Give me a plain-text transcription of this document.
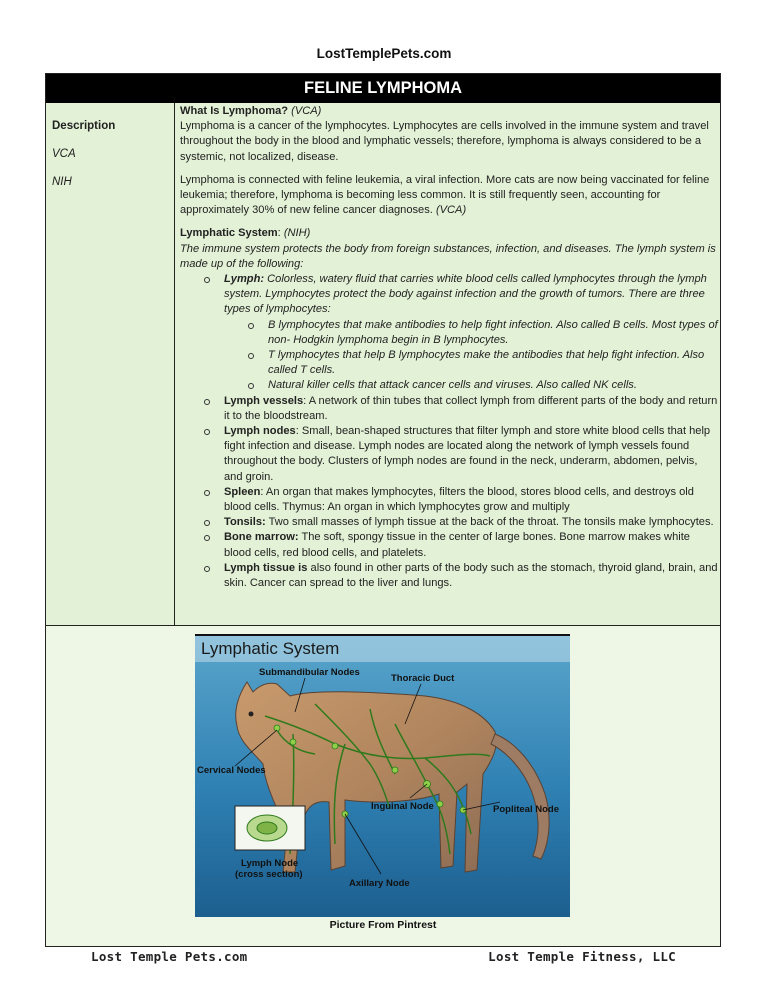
LostTemplePets.com
FELINE LYMPHOMA
Description
VCA
NIH

What Is Lymphoma? (VCA)

Lymphoma is a cancer of the lymphocytes. Lymphocytes are cells involved in the immune system and travel throughout the body in the blood and lymphatic vessels; therefore, lymphoma is always considered to be a systemic, not localized, disease.

Lymphoma is connected with feline leukemia, a viral infection. More cats are now being vaccinated for feline leukemia; therefore, lymphoma is becoming less common. It is still frequently seen, accounting for approximately 30% of new feline cancer diagnoses. (VCA)

Lymphatic System: (NIH)

The immune system protects the body from foreign substances, infection, and diseases. The lymph system is made up of the following:

Lymph: Colorless, watery fluid that carries white blood cells called lymphocytes through the lymph system. Lymphocytes protect the body against infection and the growth of tumors. There are three types of lymphocytes:
B lymphocytes that make antibodies to help fight infection. Also called B cells. Most types of non- Hodgkin lymphoma begin in B lymphocytes.
T lymphocytes that help B lymphocytes make the antibodies that help fight infection. Also called T cells.
Natural killer cells that attack cancer cells and viruses. Also called NK cells.
Lymph vessels: A network of thin tubes that collect lymph from different parts of the body and return it to the bloodstream.
Lymph nodes: Small, bean-shaped structures that filter lymph and store white blood cells that help fight infection and disease. Lymph nodes are located along the network of lymph vessels found throughout the body. Clusters of lymph nodes are found in the neck, underarm, abdomen, pelvis, and groin.
Spleen: An organ that makes lymphocytes, filters the blood, stores blood cells, and destroys old blood cells. Thymus: An organ in which lymphocytes grow and multiply
Tonsils: Two small masses of lymph tissue at the back of the throat. The tonsils make lymphocytes.
Bone marrow: The soft, spongy tissue in the center of large bones. Bone marrow makes white blood cells, red blood cells, and platelets.
Lymph tissue is also found in other parts of the body such as the stomach, thyroid gland, brain, and skin. Cancer can spread to the liver and lungs.
Lymphatic System
Submandibular Nodes
Thoracic Duct
Cervical Nodes
Inguinal Node	Popliteal Node
Lymph Node
(cross section)
Axillary Node
Picture From Pintrest
Lost Temple Pets.com	Lost Temple Fitness, LLC
